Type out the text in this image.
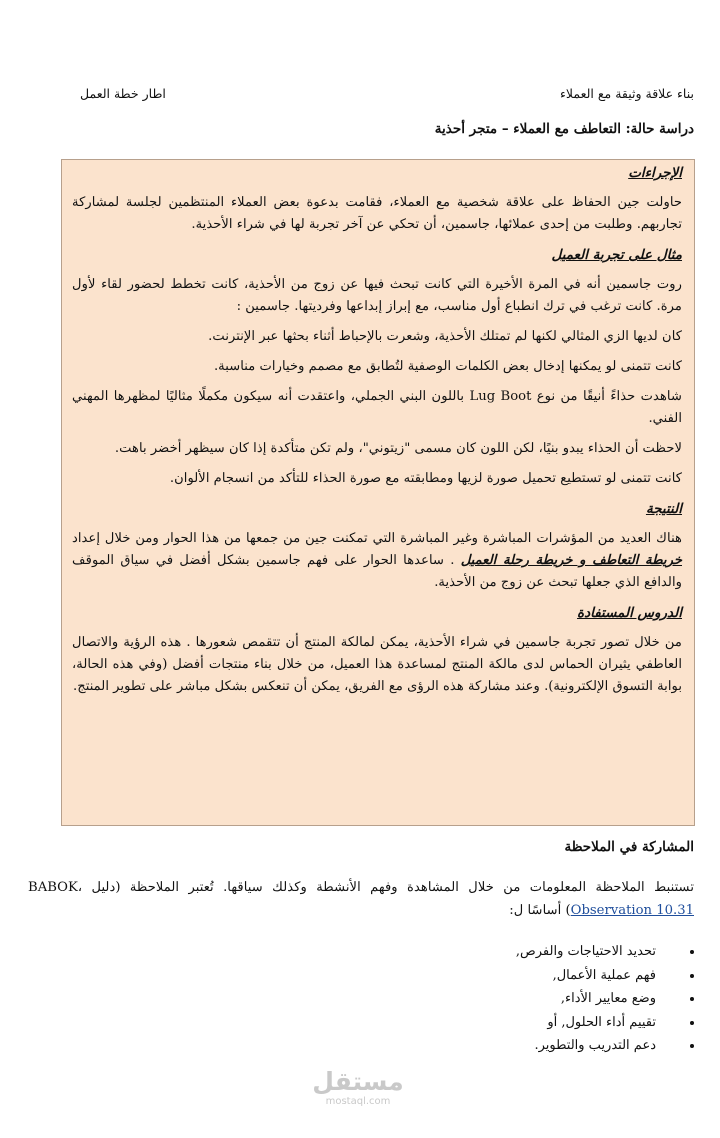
بناء علاقة وثيقة مع العملاء
اطار خطة العمل
دراسة حالة: التعاطف مع العملاء – متجر أحذية
الإجراءات

حاولت جين الحفاظ على علاقة شخصية مع العملاء، فقامت بدعوة بعض العملاء المنتظمين لجلسة لمشاركة تجاربهم. وطلبت من إحدى عملائها، جاسمين، أن تحكي عن آخر تجربة لها في شراء الأحذية.

مثال على تجربة العميل

روت جاسمين أنه في المرة الأخيرة التي كانت تبحث فيها عن زوج من الأحذية، كانت تخطط لحضور لقاء لأول مرة. كانت ترغب في ترك انطباع أول مناسب، مع إبراز إبداعها وفرديتها. جاسمين :

كان لديها الزي المثالي لكنها لم تمتلك الأحذية، وشعرت بالإحباط أثناء بحثها عبر الإنترنت.

كانت تتمنى لو يمكنها إدخال بعض الكلمات الوصفية لتُطابق مع مصمم وخيارات مناسبة.

شاهدت حذاءً أنيقًا من نوع Lug Boot باللون البني الجملي، واعتقدت أنه سيكون مكملًا مثاليًا لمظهرها المهني الفني.

لاحظت أن الحذاء يبدو بنيًا، لكن اللون كان مسمى "زيتوني"، ولم تكن متأكدة إذا كان سيظهر أخضر باهت.

كانت تتمنى لو تستطيع تحميل صورة لزيها ومطابقته مع صورة الحذاء للتأكد من انسجام الألوان.

النتيجة

هناك العديد من المؤشرات المباشرة وغير المباشرة التي تمكنت جين من جمعها من هذا الحوار ومن خلال إعداد خريطة التعاطف و خريطة رحلة العميل . ساعدها الحوار على فهم جاسمين بشكل أفضل في سياق الموقف والدافع الذي جعلها تبحث عن زوج من الأحذية.

الدروس المستفادة

من خلال تصور تجربة جاسمين في شراء الأحذية، يمكن لمالكة المنتج أن تتقمص شعورها . هذه الرؤية والاتصال العاطفي يثيران الحماس لدى مالكة المنتج لمساعدة هذا العميل، من خلال بناء منتجات أفضل (وفي هذه الحالة، بوابة التسوق الإلكترونية). وعند مشاركة هذه الرؤى مع الفريق، يمكن أن تنعكس بشكل مباشر على تطوير المنتج.

المشاركة في الملاحظة
تستنبط الملاحظة المعلومات من خلال المشاهدة وفهم الأنشطة وكذلك سياقها. تُعتبر الملاحظة (دليل BABOK، Observation 10.31) أساسًا ل:
تحديد الاحتياجات والفرص,
فهم عملية الأعمال,
وضع معايير الأداء,
تقييم أداء الحلول, أو
دعم التدريب والتطوير.
مستقل
mostaql.com
